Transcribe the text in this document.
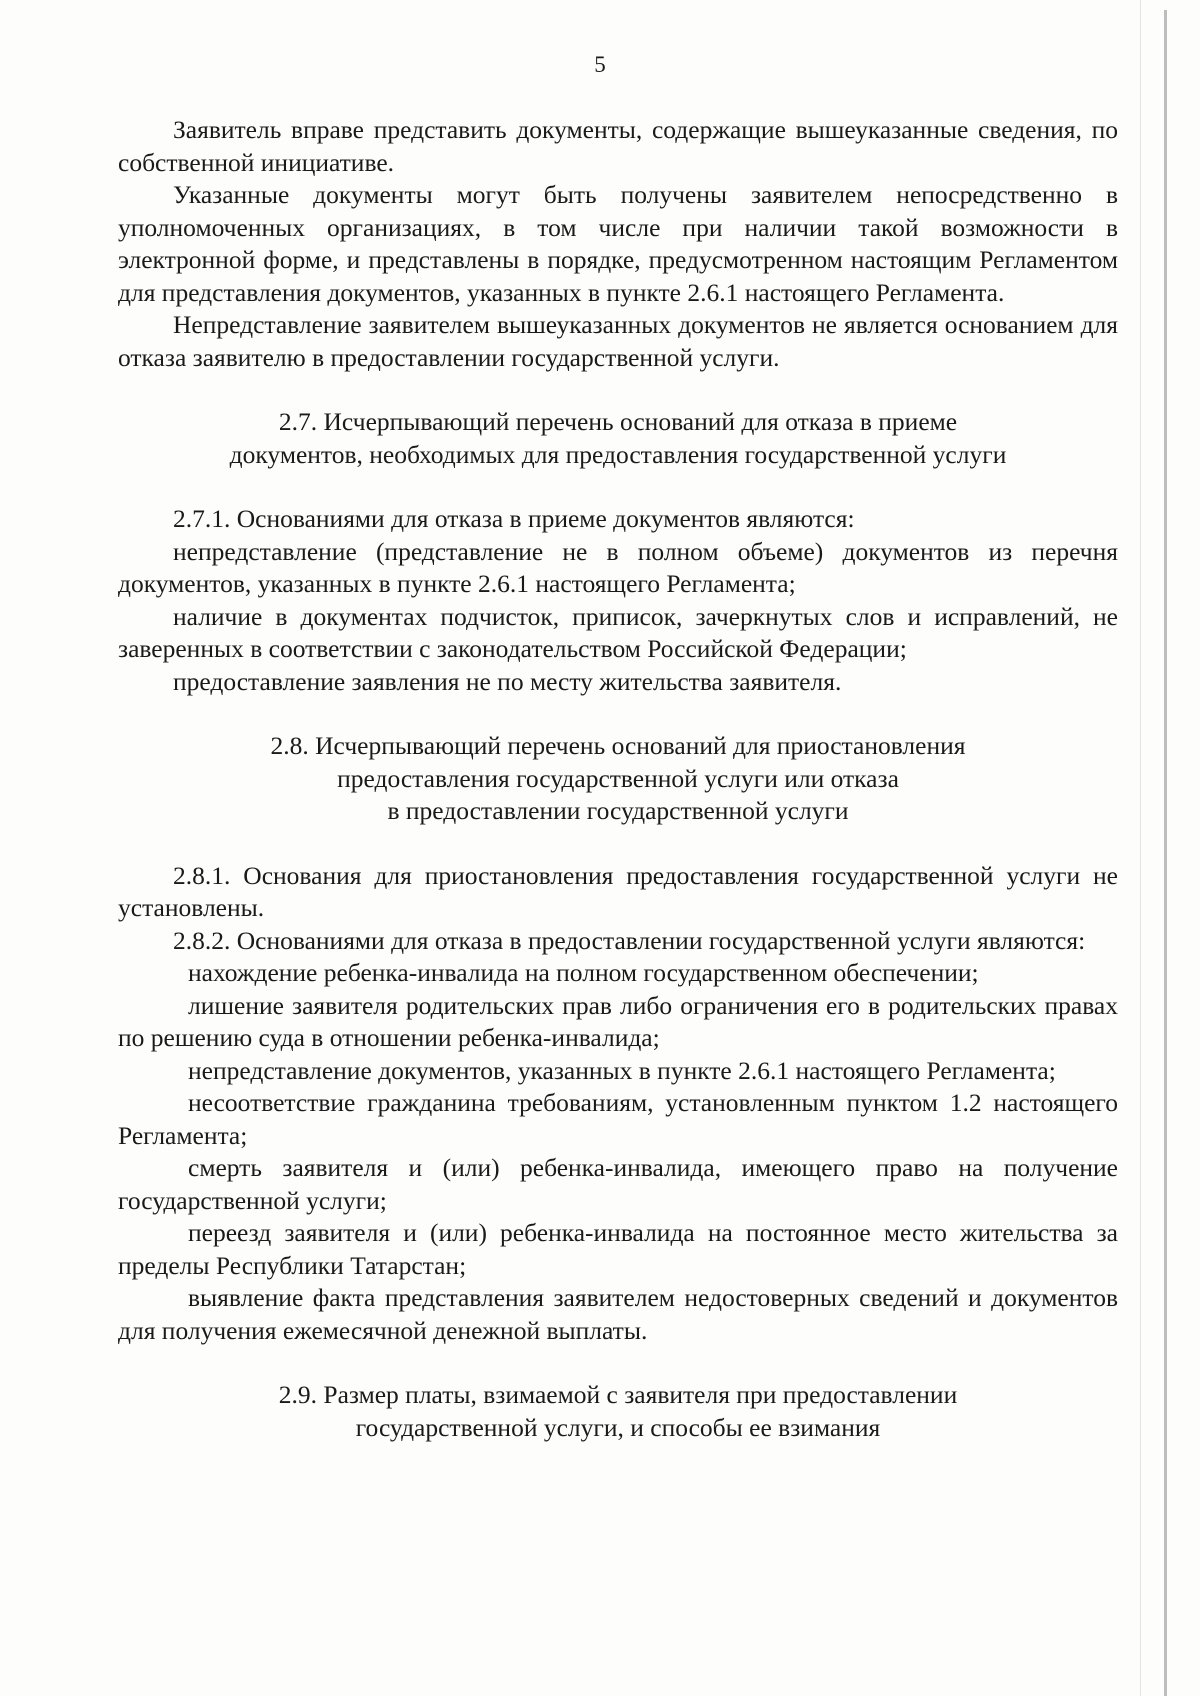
5

Заявитель вправе представить документы, содержащие вышеуказанные сведения, по собственной инициативе.

Указанные документы могут быть получены заявителем непосредственно в уполномоченных организациях, в том числе при наличии такой возможности в электронной форме, и представлены в порядке, предусмотренном настоящим Регламентом для представления документов, указанных в пункте 2.6.1 настоящего Регламента.

Непредставление заявителем вышеуказанных документов не является основанием для отказа заявителю в предоставлении государственной услуги.

2.7. Исчерпывающий перечень оснований для отказа в приеме

документов, необходимых для предоставления государственной услуги

2.7.1. Основаниями для отказа в приеме документов являются:

непредставление (представление не в полном объеме) документов из перечня документов, указанных в пункте 2.6.1 настоящего Регламента;

наличие в документах подчисток, приписок, зачеркнутых слов и исправлений, не заверенных в соответствии с законодательством Российской Федерации;

предоставление заявления не по месту жительства заявителя.

2.8. Исчерпывающий перечень оснований для приостановления

предоставления государственной услуги или отказа

в предоставлении государственной услуги

2.8.1. Основания для приостановления предоставления государственной услуги не установлены.

2.8.2. Основаниями для отказа в предоставлении государственной услуги являются:

нахождение ребенка-инвалида на полном государственном обеспечении;

лишение заявителя родительских прав либо ограничения его в родительских правах по решению суда в отношении ребенка-инвалида;

непредставление документов, указанных в пункте 2.6.1 настоящего Регламента;

несоответствие гражданина требованиям, установленным пунктом 1.2 настоящего Регламента;

смерть заявителя и (или) ребенка-инвалида, имеющего право на получение государственной услуги;

переезд заявителя и (или) ребенка-инвалида на постоянное место жительства за пределы Республики Татарстан;

выявление факта представления заявителем недостоверных сведений и документов для получения ежемесячной денежной выплаты.

2.9. Размер платы, взимаемой с заявителя при предоставлении

государственной услуги, и способы ее взимания
